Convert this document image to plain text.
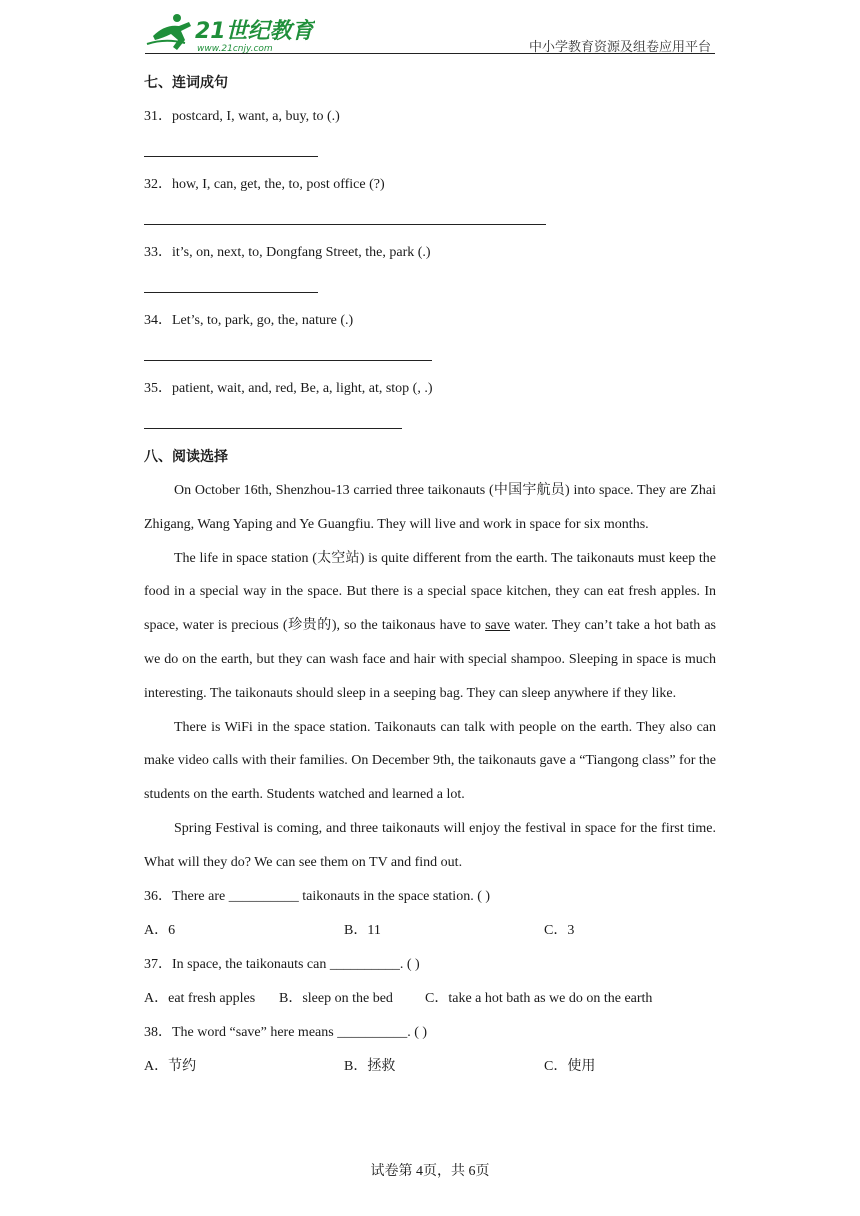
21世纪教育
www.21cnjy.com	中小学教育资源及组卷应用平台
七、连词成句
31．postcard, I, want, a, buy, to (.)
32．how, I, can, get, the, to, post office (?)
33．it’s, on, next, to, Dongfang Street, the, park (.)
34．Let’s, to, park, go, the, nature (.)
35．patient, wait, and, red, Be, a, light, at, stop (, .)
八、阅读选择

On October 16th, Shenzhou-13 carried three taikonauts (中国宇航员) into space. They are Zhai Zhigang, Wang Yaping and Ye Guangfiu. They will live and work in space for six months.

The life in space station (太空站) is quite different from the earth. The taikonauts must keep the food in a special way in the space. But there is a special space kitchen, they can eat fresh apples. In space, water is precious (珍贵的), so the taikonaus have to save water. They can’t take a hot bath as we do on the earth, but they can wash face and hair with special shampoo. Sleeping in space is much interesting. The taikonauts should sleep in a seeping bag. They can sleep anywhere if they like.

There is WiFi in the space station. Taikonauts can talk with people on the earth. They also can make video calls with their families. On December 9th, the taikonauts gave a “Tiangong class” for the students on the earth. Students watched and learned a lot.

Spring Festival is coming, and three taikonauts will enjoy the festival in space for the first time. What will they do? We can see them on TV and find out.

36．There are __________ taikonauts in the space station. ( )
A．6	B．11	C．3
37．In space, the taikonauts can __________. ( )
A．eat fresh apples B．sleep on the bed C．take a hot bath as we do on the earth
38．The word “save” here means __________. ( )
A．节约	B．拯救	C．使用
试卷第 4页，共 6页
